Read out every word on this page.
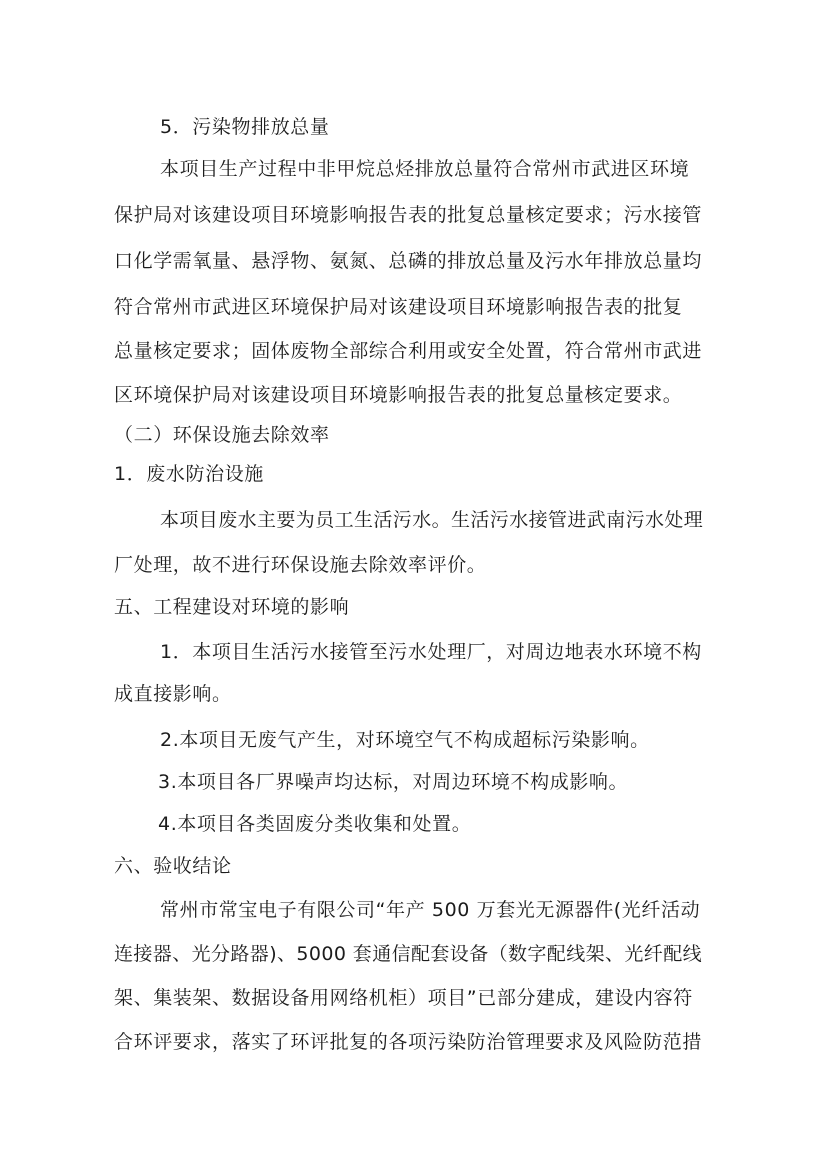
5．污染物排放总量
本项目生产过程中非甲烷总烃排放总量符合常州市武进区环境
保护局对该建设项目环境影响报告表的批复总量核定要求；污水接管
口化学需氧量、悬浮物、氨氮、总磷的排放总量及污水年排放总量均
符合常州市武进区环境保护局对该建设项目环境影响报告表的批复
总量核定要求；固体废物全部综合利用或安全处置，符合常州市武进
区环境保护局对该建设项目环境影响报告表的批复总量核定要求。
（二）环保设施去除效率
1．废水防治设施
本项目废水主要为员工生活污水。生活污水接管进武南污水处理
厂处理，故不进行环保设施去除效率评价。
五、工程建设对环境的影响
1．本项目生活污水接管至污水处理厂，对周边地表水环境不构
成直接影响。
2.本项目无废气产生，对环境空气不构成超标污染影响。
3.本项目各厂界噪声均达标，对周边环境不构成影响。
4.本项目各类固废分类收集和处置。
六、验收结论
常州市常宝电子有限公司“年产 500 万套光无源器件(光纤活动
连接器、光分路器)、5000 套通信配套设备（数字配线架、光纤配线
架、集装架、数据设备用网络机柜）项目”已部分建成，建设内容符
合环评要求，落实了环评批复的各项污染防治管理要求及风险防范措
